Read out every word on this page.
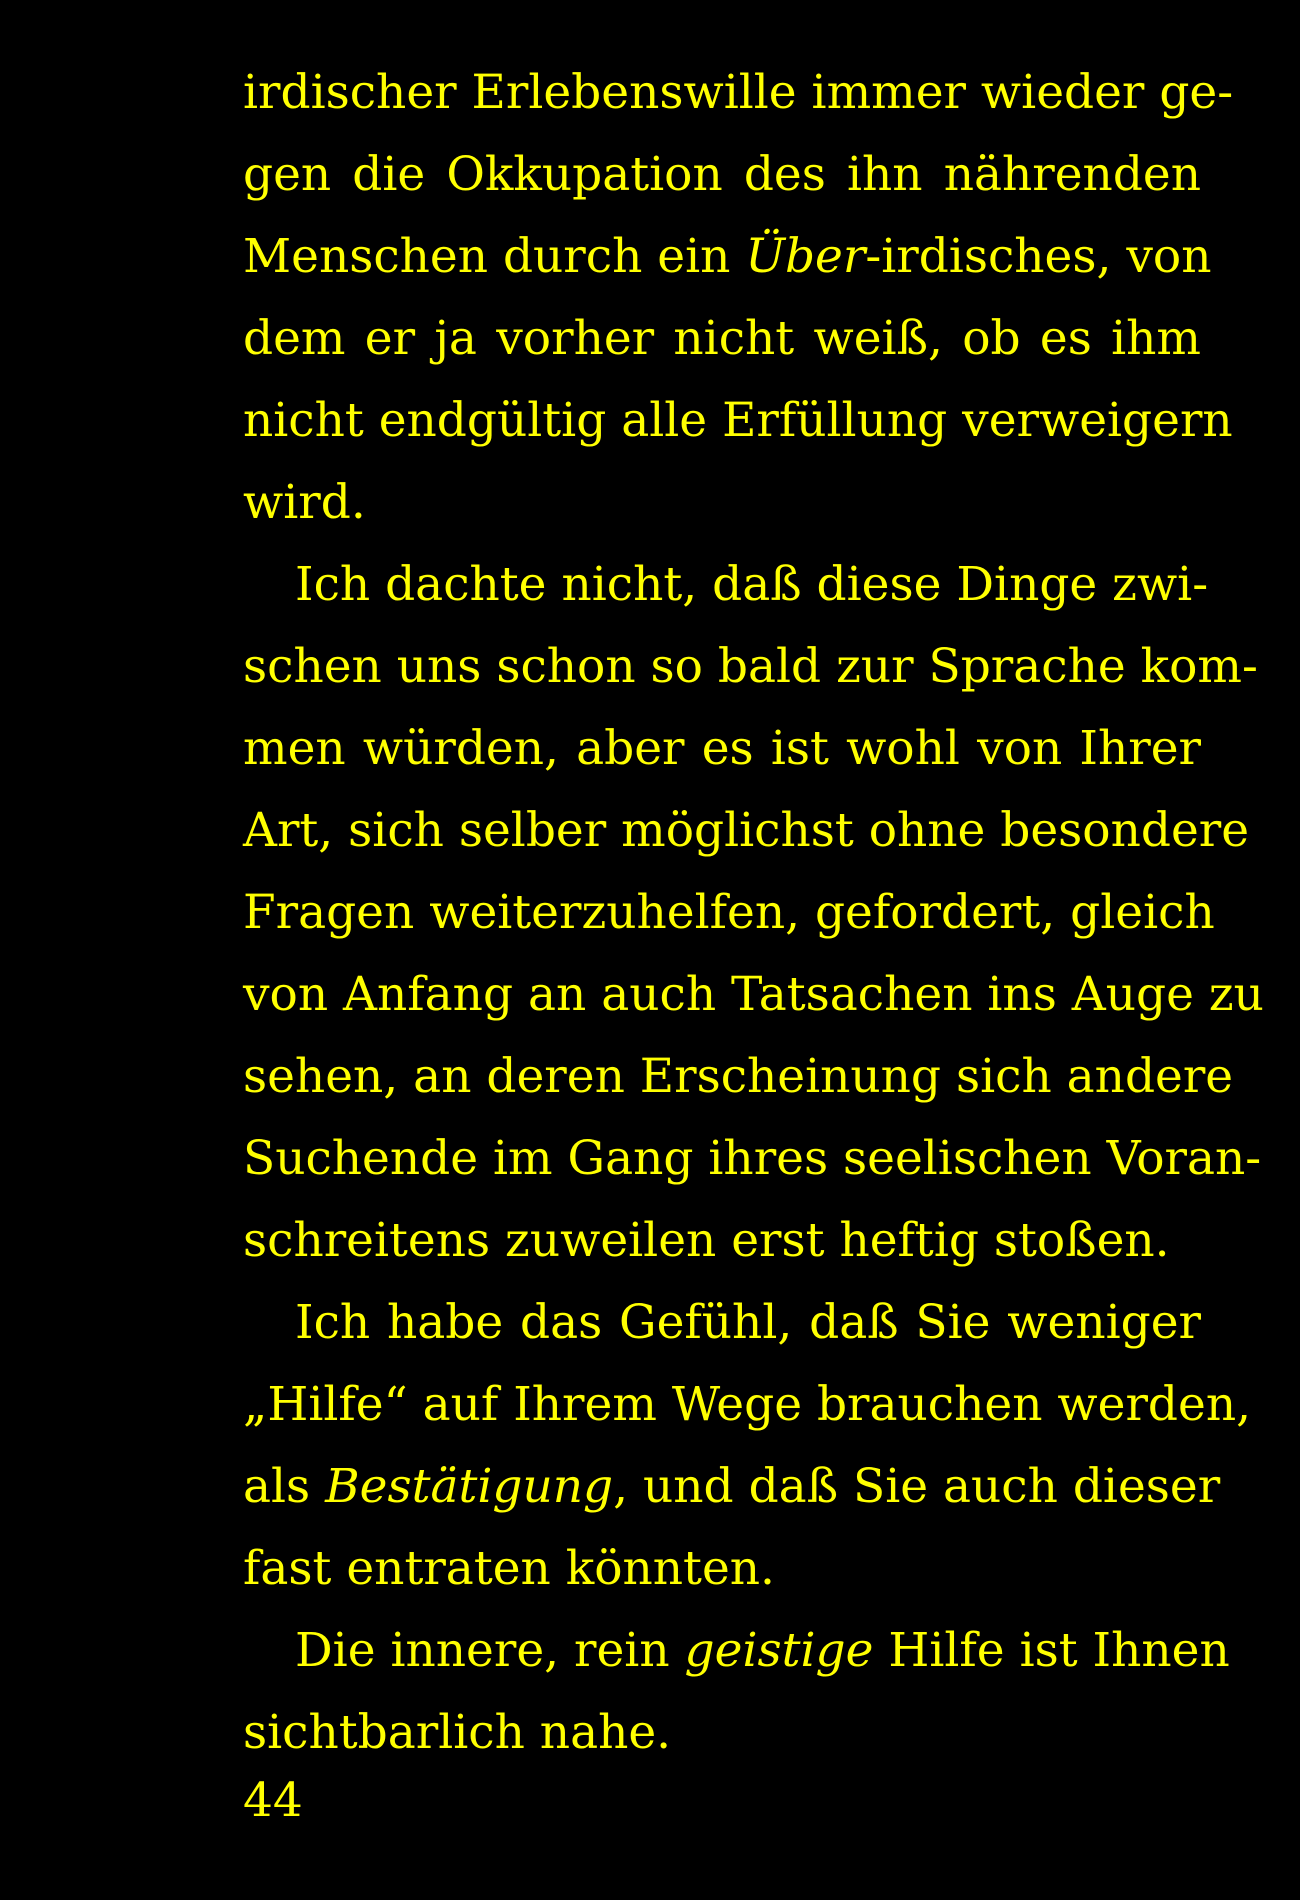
irdischer Erlebenswille immer wieder ge-
gen die Okkupation des ihn nährenden
Menschen durch ein Über-irdisches, von
dem er ja vorher nicht weiß, ob es ihm
nicht endgültig alle Erfüllung verweigern
wird.
Ich dachte nicht, daß diese Dinge zwi-
schen uns schon so bald zur Sprache kom-
men würden, aber es ist wohl von Ihrer
Art, sich selber möglichst ohne besondere
Fragen weiterzuhelfen, gefordert, gleich
von Anfang an auch Tatsachen ins Auge zu
sehen, an deren Erscheinung sich andere
Suchende im Gang ihres seelischen Voran-
schreitens zuweilen erst heftig stoßen.
Ich habe das Gefühl, daß Sie weniger
„Hilfe“ auf Ihrem Wege brauchen werden,
als Bestätigung, und daß Sie auch dieser
fast entraten könnten.
Die innere, rein geistige Hilfe ist Ihnen
sichtbarlich nahe.
44
